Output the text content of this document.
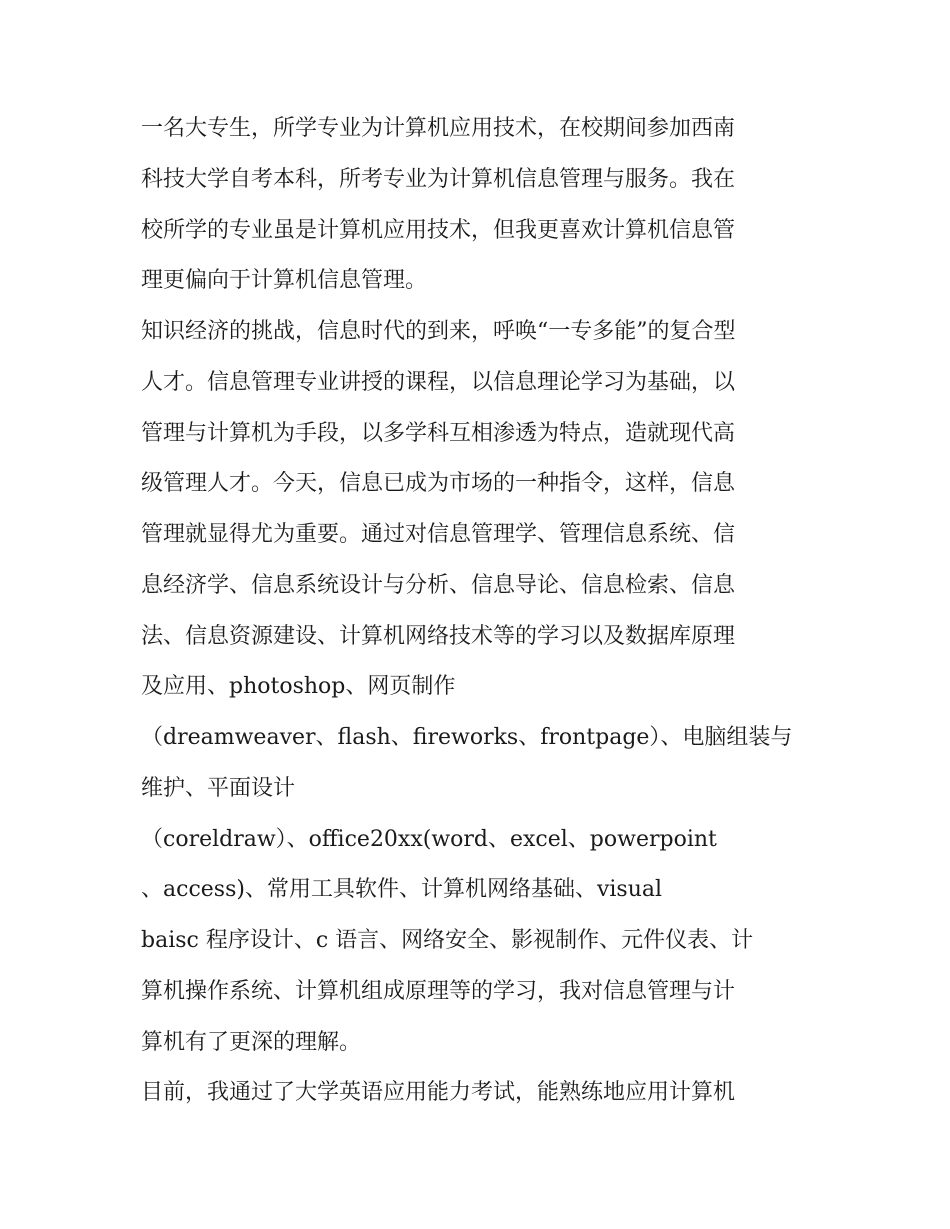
一名大专生，所学专业为计算机应用技术，在校期间参加西南
科技大学自考本科，所考专业为计算机信息管理与服务。我在
校所学的专业虽是计算机应用技术，但我更喜欢计算机信息管
理更偏向于计算机信息管理。
知识经济的挑战，信息时代的到来，呼唤“一专多能”的复合型
人才。信息管理专业讲授的课程，以信息理论学习为基础，以
管理与计算机为手段，以多学科互相渗透为特点，造就现代高
级管理人才。今天，信息已成为市场的一种指令，这样，信息
管理就显得尤为重要。通过对信息管理学、管理信息系统、信
息经济学、信息系统设计与分析、信息导论、信息检索、信息
法、信息资源建设、计算机网络技术等的学习以及数据库原理
及应用、photoshop、网页制作
（dreamweaver、flash、fireworks、frontpage）、电脑组装与
维护、平面设计
（coreldraw）、office20xx(word、excel、powerpoint
、access)、常用工具软件、计算机网络基础、visual
baisc 程序设计、c 语言、网络安全、影视制作、元件仪表、计
算机操作系统、计算机组成原理等的学习，我对信息管理与计
算机有了更深的理解。
目前，我通过了大学英语应用能力考试，能熟练地应用计算机
